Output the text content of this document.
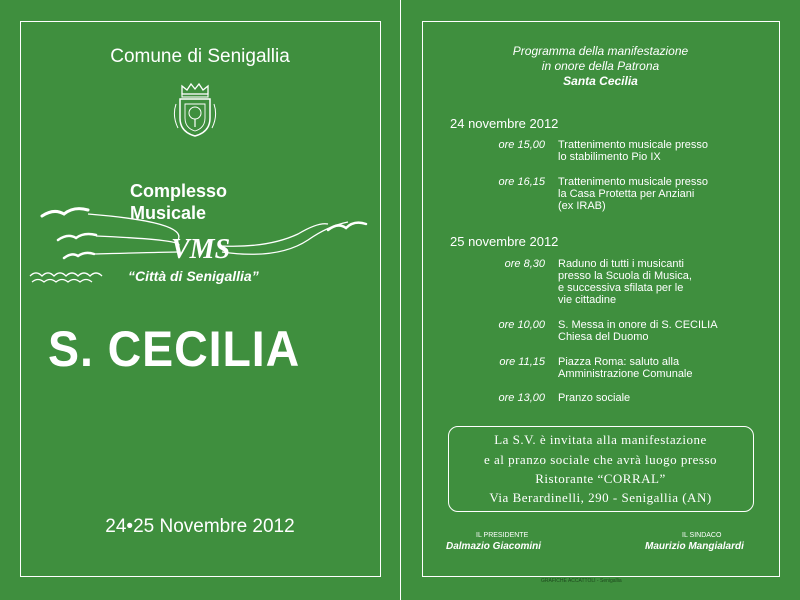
Comune di Senigallia
Complesso
Musicale
VMS
“Città di Senigallia”
S. CECILIA
24•25 Novembre 2012
Programma della manifestazione
in onore della Patrona
Santa Cecilia
24 novembre 2012
ore 15,00 Trattenimento musicale presso
lo stabilimento Pio IX
ore 16,15 Trattenimento musicale presso
la Casa Protetta per Anziani
(ex IRAB)
25 novembre 2012
ore 8,30 Raduno di tutti i musicanti
presso la Scuola di Musica,
e successiva sfilata per le
vie cittadine
ore 10,00 S. Messa in onore di S. CECILIA
Chiesa del Duomo
ore 11,15 Piazza Roma: saluto alla
Amministrazione Comunale
ore 13,00 Pranzo sociale
La S.V. è invitata alla manifestazione
e al pranzo sociale che avrà luogo presso
Ristorante “CORRAL”
Via Berardinelli, 290 - Senigallia (AN)
IL PRESIDENTE
Dalmazio Giacomini
IL SINDACO
Maurizio Mangialardi
GRAFICHE ACCATTOLI - Senigallia
